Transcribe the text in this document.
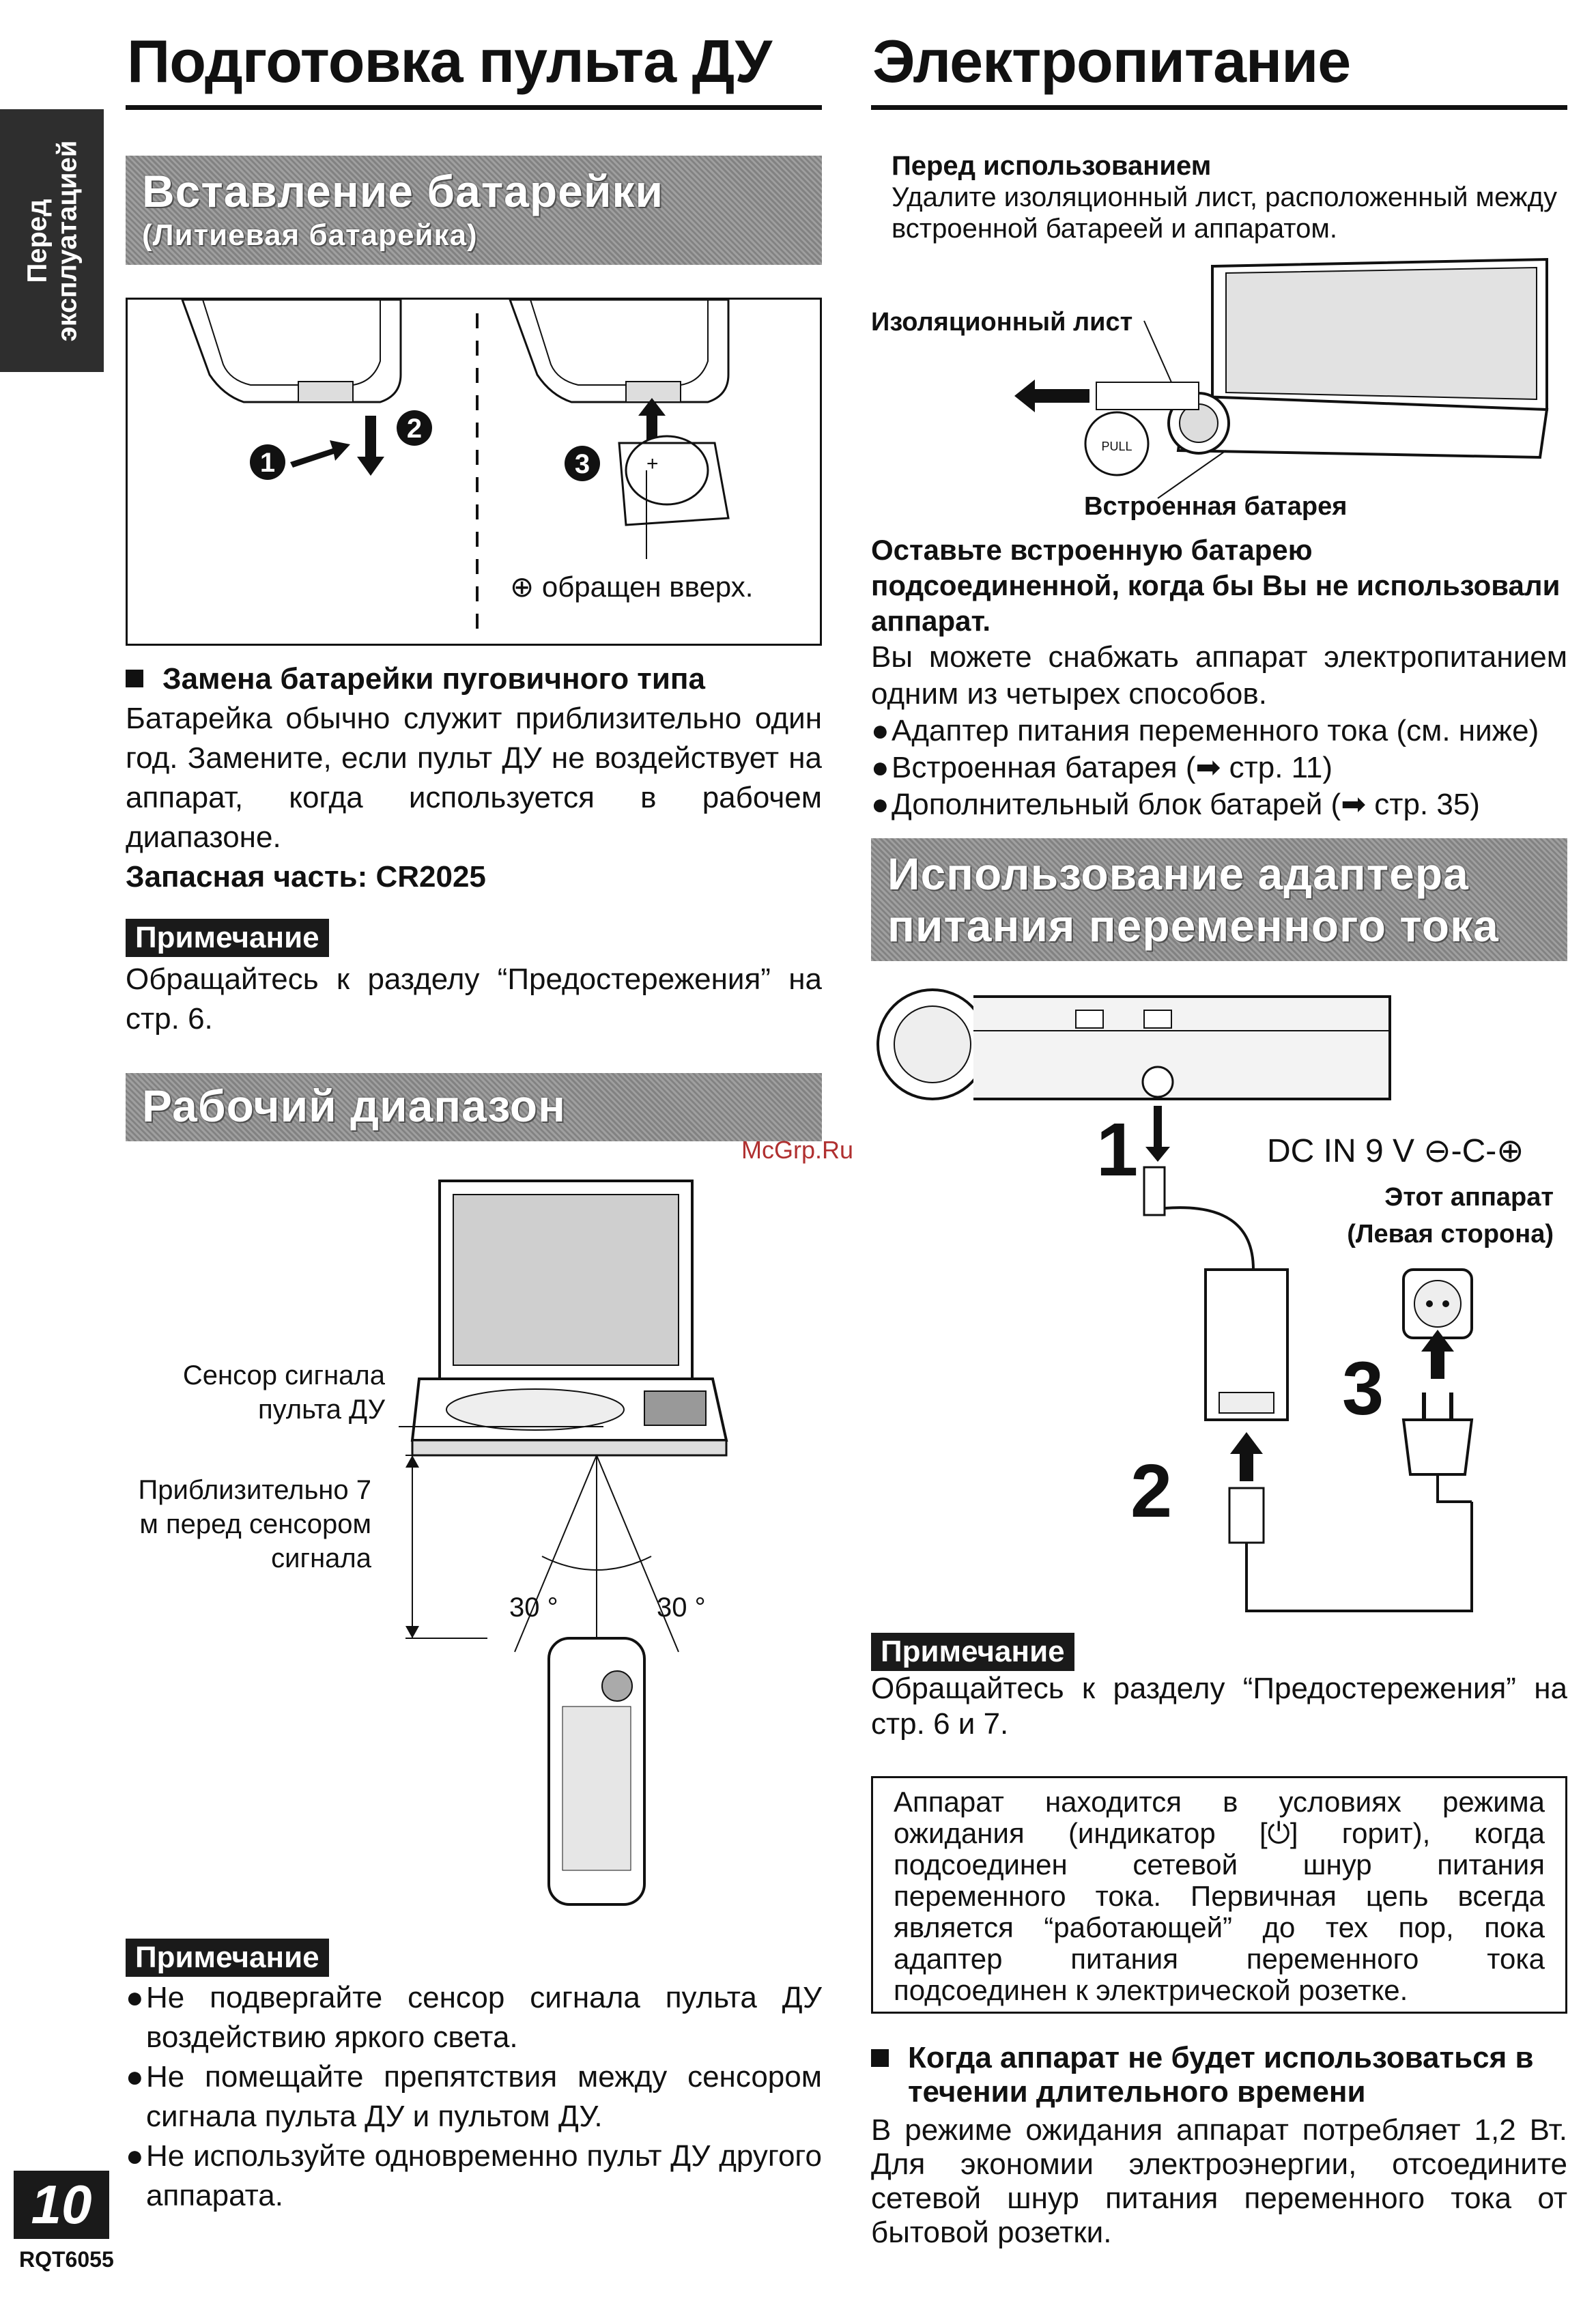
Перед эксплуатацией
Подготовка пульта ДУ
Вставление батарейки
(Литиевая батарейка)
1
2
3	+
⊕ обращен вверх.
Замена батарейки пуговичного типа
Батарейка обычно служит приблизительно один год. Замените, если пульт ДУ не воздействует на аппарат, когда используется в рабочем диапазоне.
Запасная часть: CR2025
Примечание
Обращайтесь к разделу “Предостережения” на стр. 6.
Рабочий диапазон
Сенсор сигнала пульта ДУ
Приблизительно 7 м перед сенсором сигнала
30 °	30 °
Примечание
● Не подвергайте сенсор сигнала пульта ДУ воздействию яркого света.
● Не помещайте препятствия между сенсором сигнала пульта ДУ и пультом ДУ.
● Не используйте одновременно пульт ДУ другого аппарата.
Электропитание
Перед использованием
Удалите изоляционный лист, расположенный между встроенной батареей и аппаратом.
PULL
Изоляционный лист
Встроенная батарея
Оставьте встроенную батарею подсоединенной, когда бы Вы не использовали аппарат.
Вы можете снабжать аппарат электропитанием одним из четырех способов.
● Адаптер питания переменного тока (см. ниже)
● Встроенная батарея (➡ стр. 11)
● Дополнительный блок батарей (➡ стр. 35)
Использование адаптера
питания переменного тока
1
2
3
DC IN 9 V ⊖-C-⊕
Этот аппарат
(Левая сторона)
Примечание
Обращайтесь к разделу “Предостережения” на стр. 6 и 7.
Аппарат находится в условиях режима ожидания (индикатор [⏻] горит), когда подсоединен сетевой шнур питания переменного тока. Первичная цепь всегда является “работающей” до тех пор, пока адаптер питания переменного тока подсоединен к электрической розетке.
Когда аппарат не будет использоваться в течении длительного времени
В режиме ожидания аппарат потребляет 1,2 Вт. Для экономии электроэнергии, отсоедините сетевой шнур питания переменного тока от бытовой розетки.
10
RQT6055
McGrp.Ru
